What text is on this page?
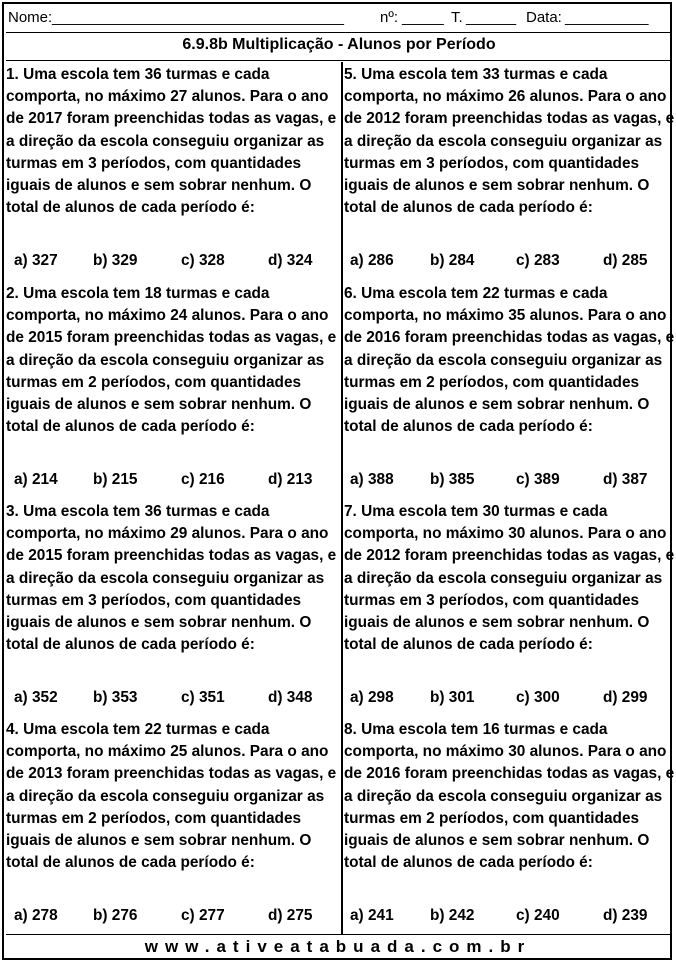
Nome: ___________________________________ nº: _____ T. ______ Data: __________
6.9.8b Multiplicação - Alunos por Período
1. Uma escola tem 36 turmas e cada comporta, no máximo 27 alunos. Para o ano de 2017 foram preenchidas todas as vagas, e a direção da escola conseguiu organizar as turmas em 3 períodos, com quantidades iguais de alunos e sem sobrar nenhum. O total de alunos de cada período é:
a) 327 b) 329	c) 328	d) 324
2. Uma escola tem 18 turmas e cada comporta, no máximo 24 alunos. Para o ano de 2015 foram preenchidas todas as vagas, e a direção da escola conseguiu organizar as turmas em 2 períodos, com quantidades iguais de alunos e sem sobrar nenhum. O total de alunos de cada período é:
a) 214 b) 215	c) 216	d) 213
3. Uma escola tem 36 turmas e cada comporta, no máximo 29 alunos. Para o ano de 2015 foram preenchidas todas as vagas, e a direção da escola conseguiu organizar as turmas em 3 períodos, com quantidades iguais de alunos e sem sobrar nenhum. O total de alunos de cada período é:
a) 352 b) 353	c) 351	d) 348
4. Uma escola tem 22 turmas e cada comporta, no máximo 25 alunos. Para o ano de 2013 foram preenchidas todas as vagas, e a direção da escola conseguiu organizar as turmas em 2 períodos, com quantidades iguais de alunos e sem sobrar nenhum. O total de alunos de cada período é:
a) 278 b) 276	c) 277	d) 275
5. Uma escola tem 33 turmas e cada comporta, no máximo 26 alunos. Para o ano de 2012 foram preenchidas todas as vagas, e a direção da escola conseguiu organizar as turmas em 3 períodos, com quantidades iguais de alunos e sem sobrar nenhum. O total de alunos de cada período é:
a) 286 b) 284	c) 283	d) 285
6. Uma escola tem 22 turmas e cada comporta, no máximo 35 alunos. Para o ano de 2016 foram preenchidas todas as vagas, e a direção da escola conseguiu organizar as turmas em 2 períodos, com quantidades iguais de alunos e sem sobrar nenhum. O total de alunos de cada período é:
a) 388 b) 385	c) 389	d) 387
7. Uma escola tem 30 turmas e cada comporta, no máximo 30 alunos. Para o ano de 2012 foram preenchidas todas as vagas, e a direção da escola conseguiu organizar as turmas em 3 períodos, com quantidades iguais de alunos e sem sobrar nenhum. O total de alunos de cada período é:
a) 298 b) 301	c) 300	d) 299
8. Uma escola tem 16 turmas e cada comporta, no máximo 30 alunos. Para o ano de 2016 foram preenchidas todas as vagas, e a direção da escola conseguiu organizar as turmas em 2 períodos, com quantidades iguais de alunos e sem sobrar nenhum. O total de alunos de cada período é:
a) 241 b) 242	c) 240	d) 239
www.ativeatabuada.com.br
